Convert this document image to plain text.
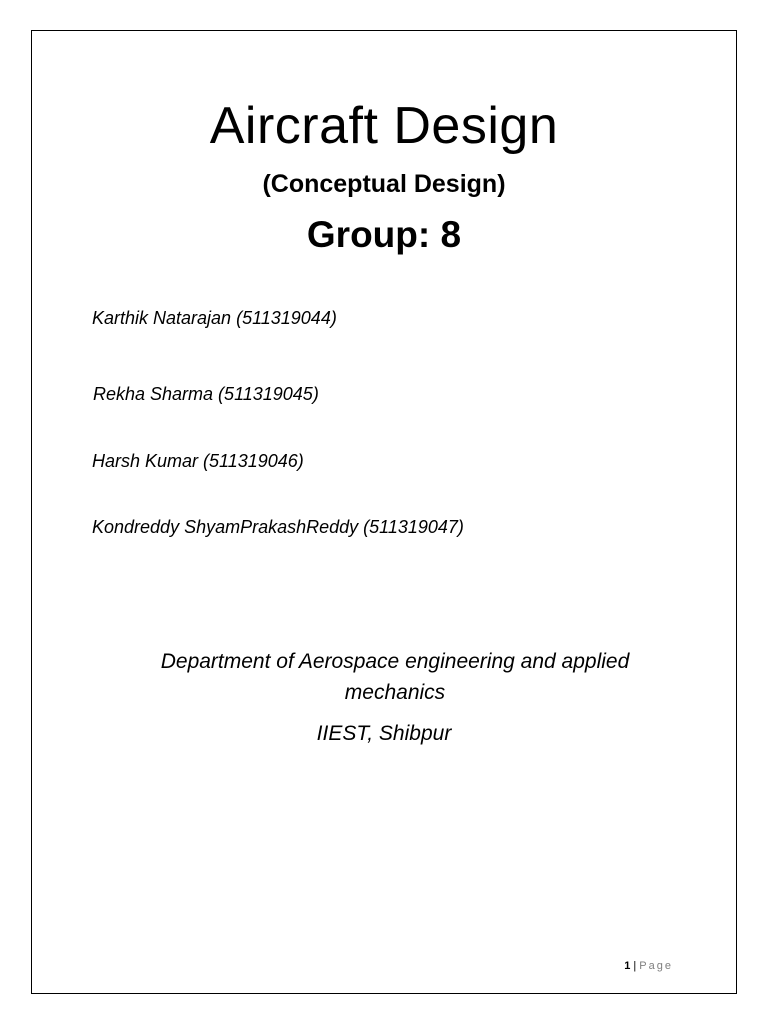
Aircraft Design
(Conceptual Design)
Group: 8
Karthik Natarajan (511319044)
Rekha Sharma (511319045)
Harsh Kumar (511319046)
Kondreddy ShyamPrakashReddy (511319047)
Department of Aerospace engineering and applied mechanics
IIEST, Shibpur
1 | Page
